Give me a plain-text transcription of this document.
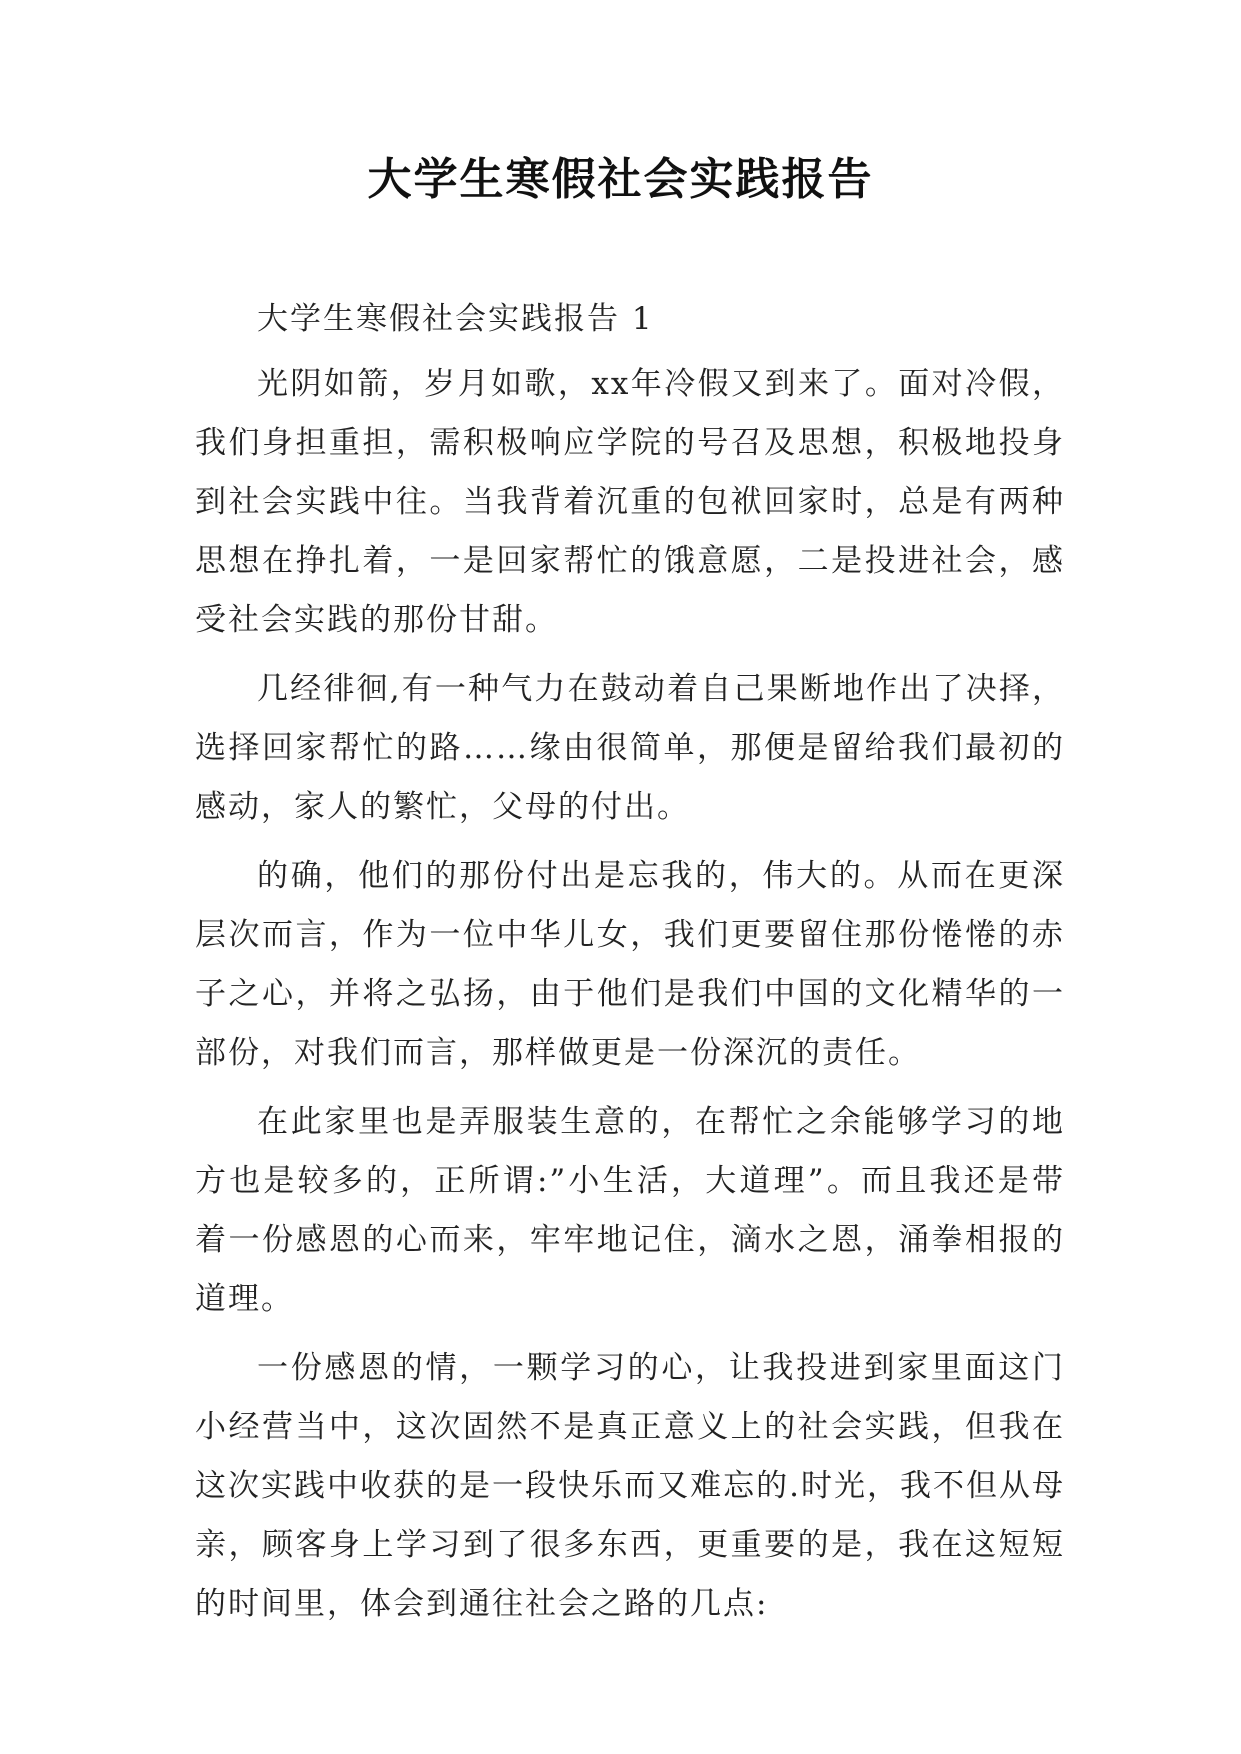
大学生寒假社会实践报告

大学生寒假社会实践报告 1

光阴如箭，岁月如歌，xx年冷假又到来了。面对冷假，我们身担重担，需积极响应学院的号召及思想，积极地投身到社会实践中往。当我背着沉重的包袱回家时，总是有两种思想在挣扎着，一是回家帮忙的饿意愿，二是投进社会，感受社会实践的那份甘甜。

几经徘徊,有一种气力在鼓动着自己果断地作出了决择，选择回家帮忙的路……缘由很简单，那便是留给我们最初的感动，家人的繁忙，父母的付出。

的确，他们的那份付出是忘我的，伟大的。从而在更深层次而言，作为一位中华儿女，我们更要留住那份惓惓的赤子之心，并将之弘扬，由于他们是我们中国的文化精华的一部份，对我们而言，那样做更是一份深沉的责任。

在此家里也是弄服装生意的，在帮忙之余能够学习的地方也是较多的，正所谓:”小生活，大道理”。而且我还是带着一份感恩的心而来，牢牢地记住，滴水之恩，涌拳相报的道理。

一份感恩的情，一颗学习的心，让我投进到家里面这门小经营当中，这次固然不是真正意义上的社会实践，但我在这次实践中收获的是一段快乐而又难忘的.时光，我不但从母亲，顾客身上学习到了很多东西，更重要的是，我在这短短的时间里，体会到通往社会之路的几点:
